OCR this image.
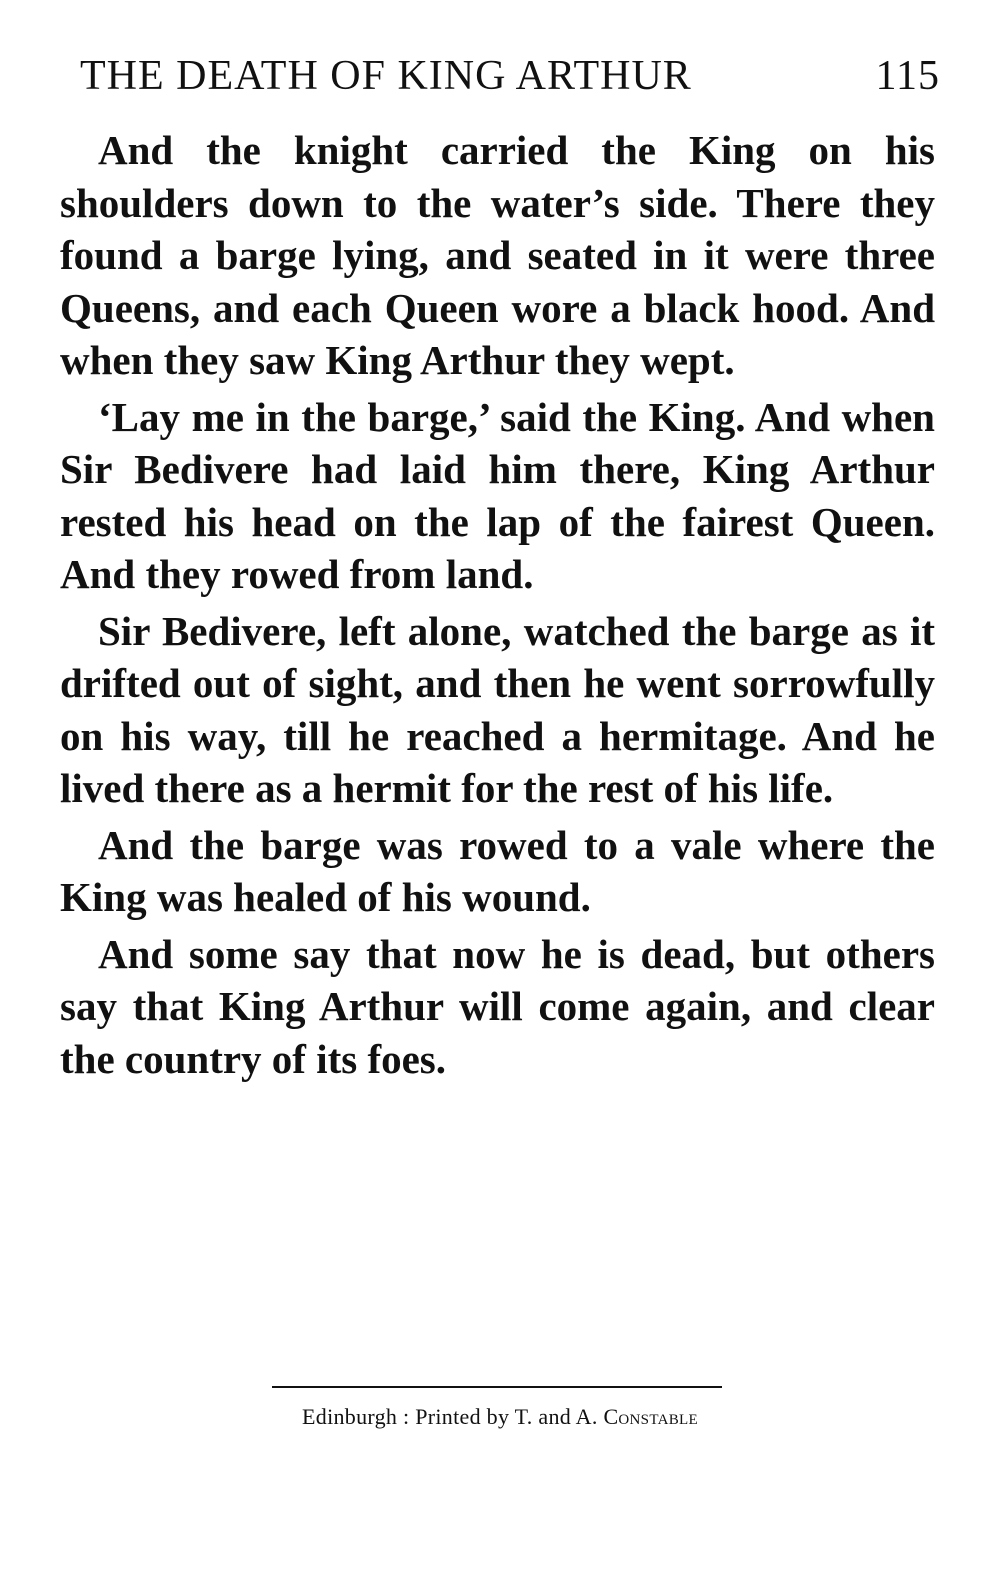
THE DEATH OF KING ARTHUR	115

And the knight carried the King on his shoulders down to the water’s side. There they found a barge lying, and seated in it were three Queens, and each Queen wore a black hood. And when they saw King Arthur they wept.

‘Lay me in the barge,’ said the King. And when Sir Bedivere had laid him there, King Arthur rested his head on the lap of the fairest Queen. And they rowed from land.

Sir Bedivere, left alone, watched the barge as it drifted out of sight, and then he went sorrowfully on his way, till he reached a hermitage. And he lived there as a hermit for the rest of his life.

And the barge was rowed to a vale where the King was healed of his wound.

And some say that now he is dead, but others say that King Arthur will come again, and clear the country of its foes.

Edinburgh : Printed by T. and A. Constable
